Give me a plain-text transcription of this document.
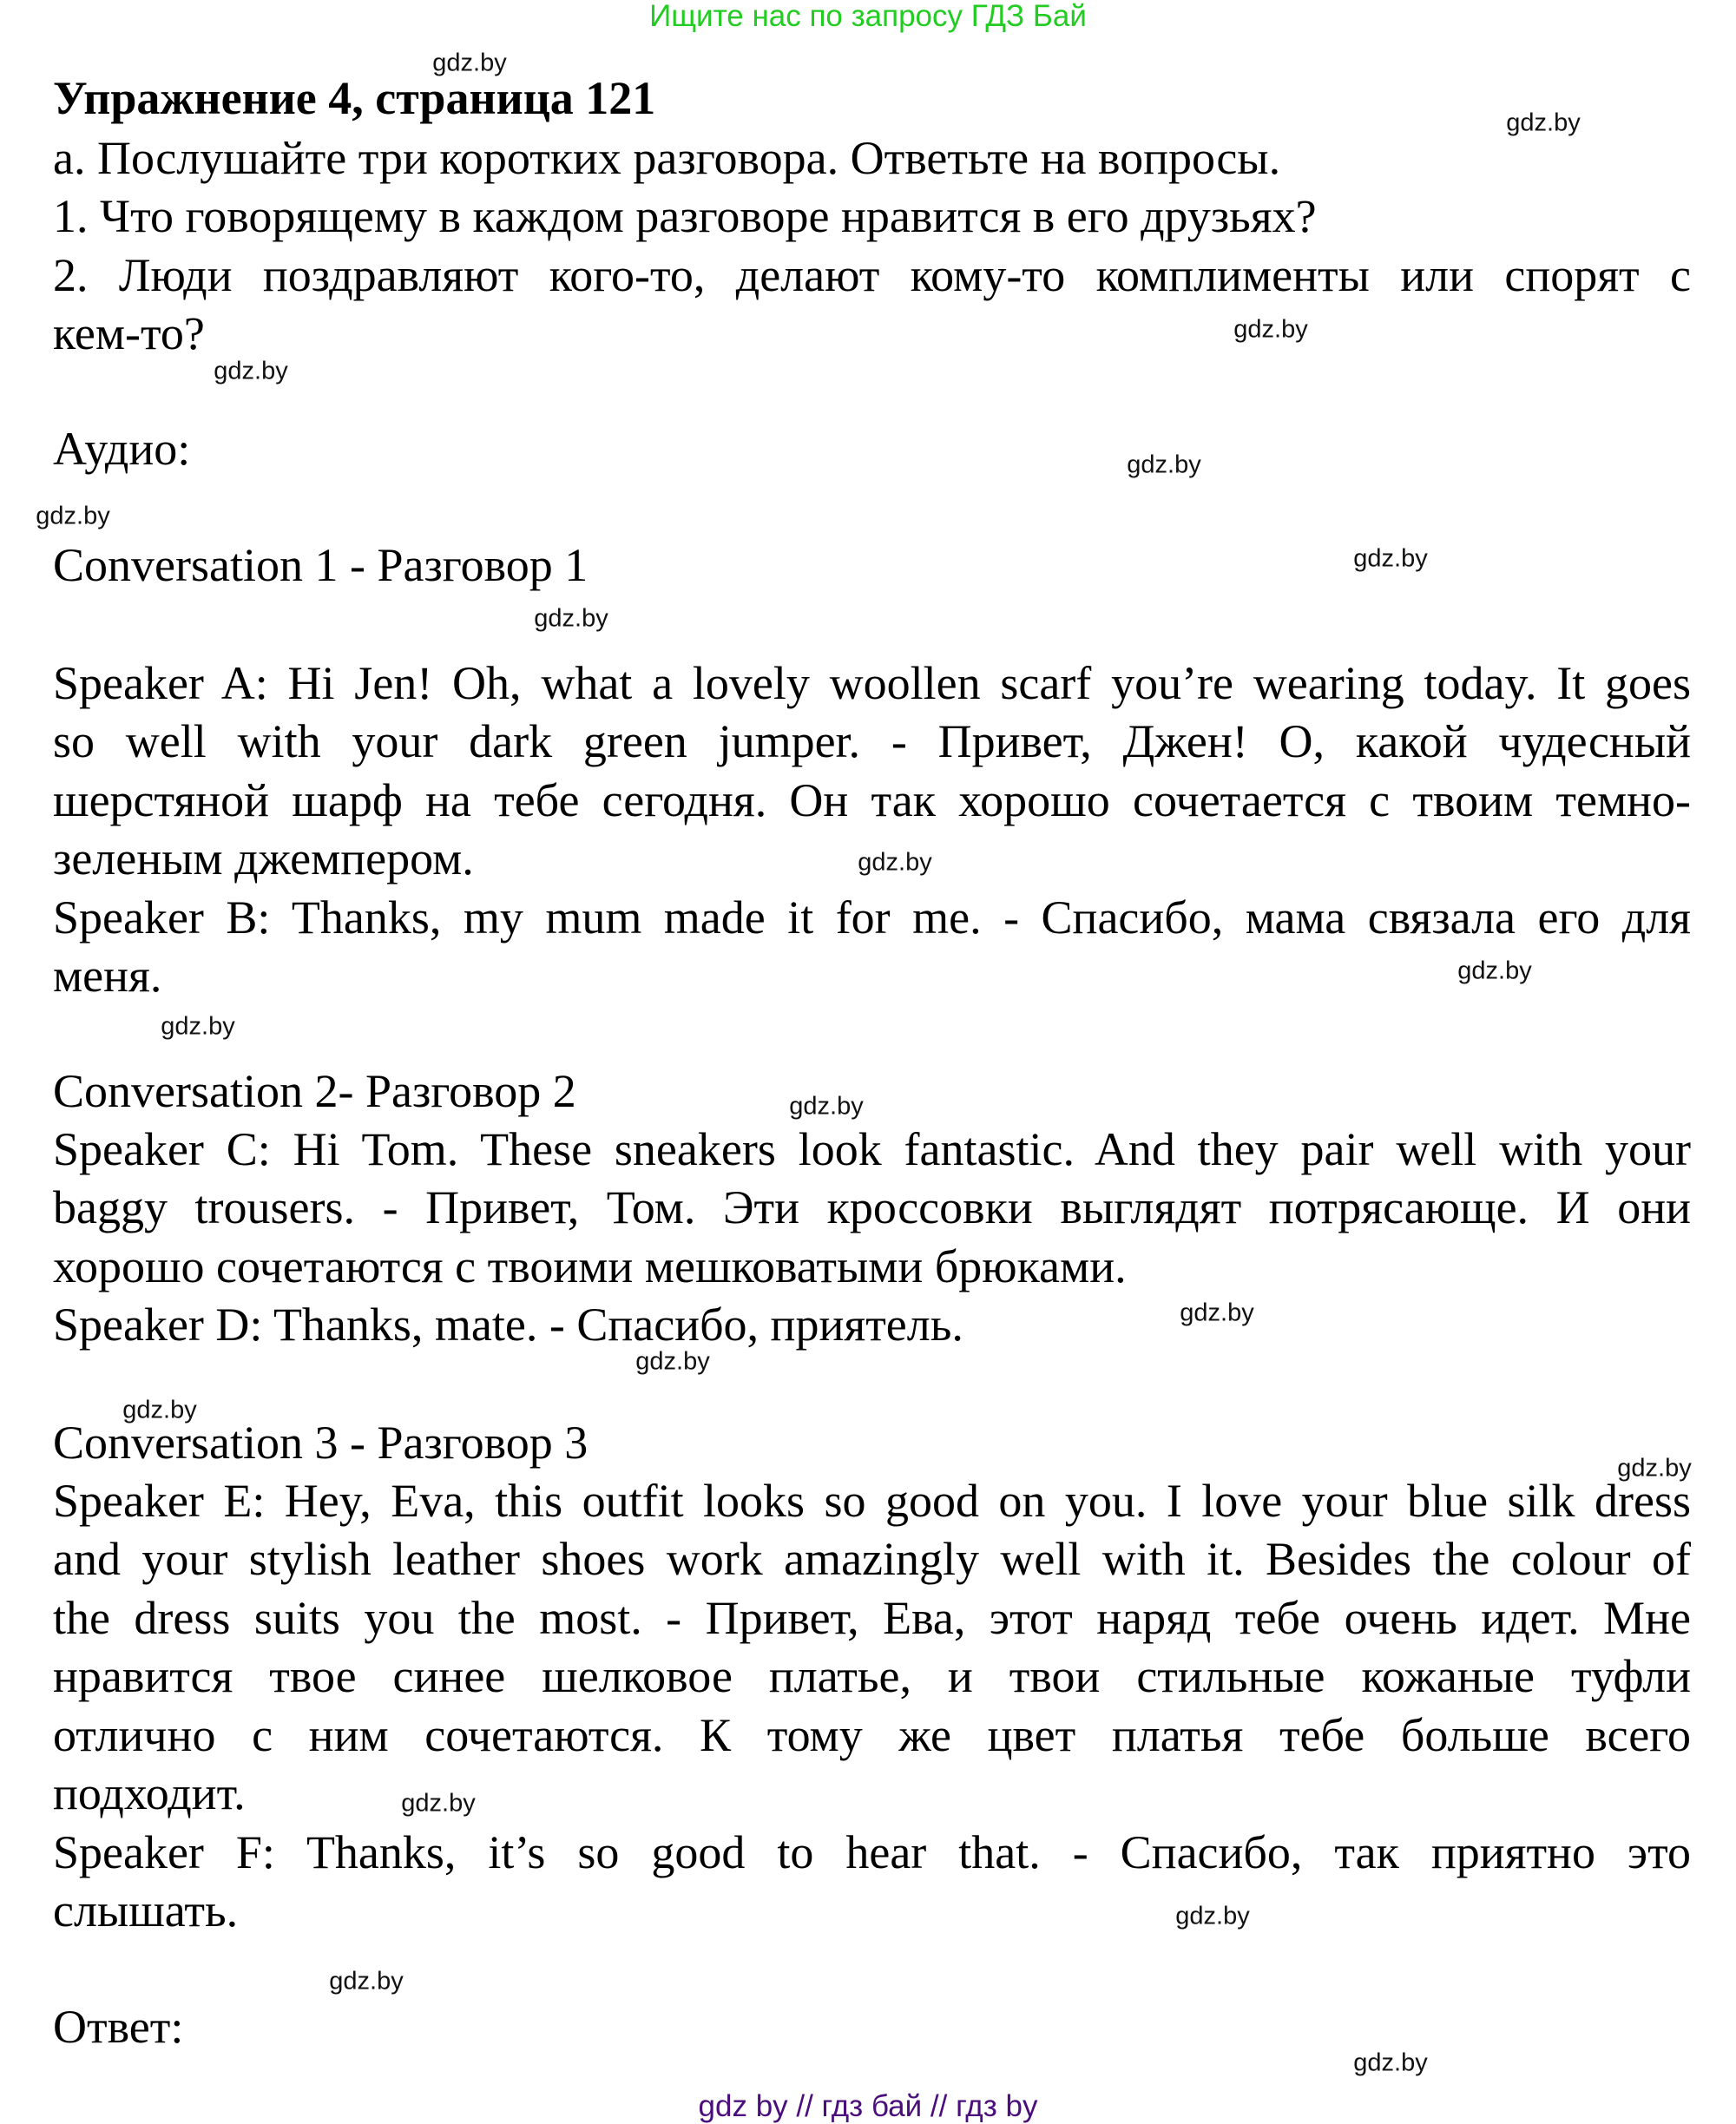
Ищите нас по запросу ГДЗ Бай
Упражнение 4, страница 121
а. Послушайте три коротких разговора. Ответьте на вопросы.
1. Что говорящему в каждом разговоре нравится в его друзьях?
2. Люди поздравляют кого-то, делают кому-то комплименты или спорят с
кем-то?
Аудио:
Conversation 1 - Разговор 1
Speaker A: Hi Jen! Oh, what a lovely woollen scarf you’re wearing today. It goes
so well with your dark green jumper. - Привет, Джен! О, какой чудесный
шерстяной шарф на тебе сегодня. Он так хорошо сочетается с твоим темно-
зеленым джемпером.
Speaker B: Thanks, my mum made it for me. - Спасибо, мама связала его для
меня.
Conversation 2- Разговор 2
Speaker C: Hi Tom. These sneakers look fantastic. And they pair well with your
baggy trousers. - Привет, Том. Эти кроссовки выглядят потрясающе. И они
хорошо сочетаются с твоими мешковатыми брюками.
Speaker D: Thanks, mate. - Спасибо, приятель.
Conversation 3 - Разговор 3
Speaker E: Hey, Eva, this outfit looks so good on you. I love your blue silk dress
and your stylish leather shoes work amazingly well with it. Besides the colour of
the dress suits you the most. - Привет, Ева, этот наряд тебе очень идет. Мне
нравится твое синее шелковое платье, и твои стильные кожаные туфли
отлично с ним сочетаются. К тому же цвет платья тебе больше всего
подходит.
Speaker F: Thanks, it’s so good to hear that. - Спасибо, так приятно это
слышать.
Ответ:
gdz.by
gdz.by
gdz.by
gdz.by
gdz.by
gdz.by
gdz.by
gdz.by
gdz.by
gdz.by
gdz.by
gdz.by
gdz.by
gdz.by
gdz.by
gdz.by
gdz.by
gdz.by
gdz.by
gdz.by
gdz by // гдз бай // гдз by
